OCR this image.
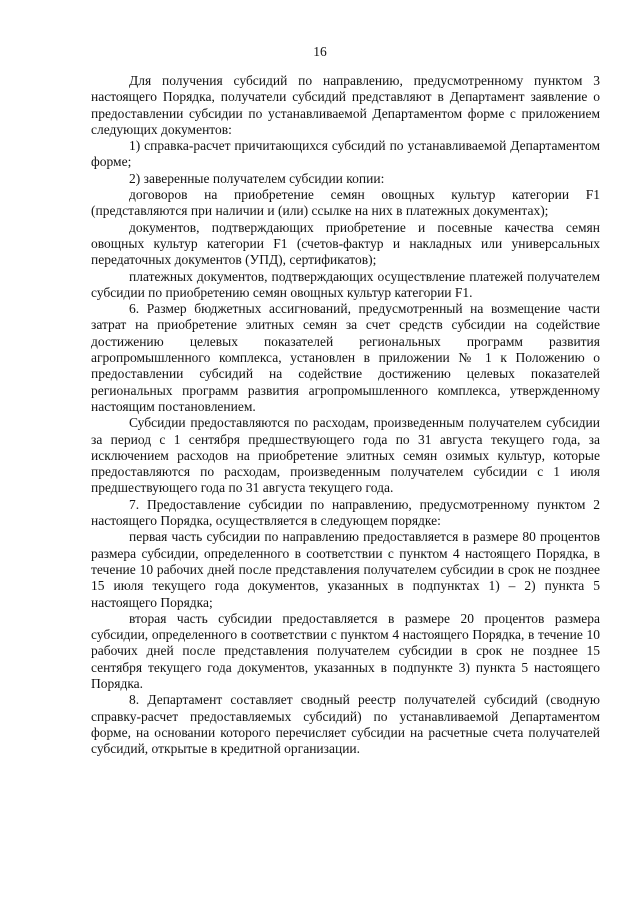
16

Для получения субсидий по направлению, предусмотренному пунктом 3 настоящего Порядка, получатели субсидий представляют в Департамент заявление о предоставлении субсидии по устанавливаемой Департаментом форме с приложением следующих документов:

1) справка-расчет причитающихся субсидий по устанавливаемой Департаментом форме;

2) заверенные получателем субсидии копии:

договоров на приобретение семян овощных культур категории F1 (представляются при наличии и (или) ссылке на них в платежных документах);

документов, подтверждающих приобретение и посевные качества семян овощных культур категории F1 (счетов-фактур и накладных или универсальных передаточных документов (УПД), сертификатов);

платежных документов, подтверждающих осуществление платежей получателем субсидии по приобретению семян овощных культур категории F1.

6. Размер бюджетных ассигнований, предусмотренный на возмещение части затрат на приобретение элитных семян за счет средств субсидии на содействие достижению целевых показателей региональных программ развития агропромышленного комплекса, установлен в приложении № 1 к Положению о предоставлении субсидий на содействие достижению целевых показателей региональных программ развития агропромышленного комплекса, утвержденному настоящим постановлением.

Субсидии предоставляются по расходам, произведенным получателем субсидии за период с 1 сентября предшествующего года по 31 августа текущего года, за исключением расходов на приобретение элитных семян озимых культур, которые предоставляются по расходам, произведенным получателем субсидии с 1 июля предшествующего года по 31 августа текущего года.

7. Предоставление субсидии по направлению, предусмотренному пунктом 2 настоящего Порядка, осуществляется в следующем порядке:

первая часть субсидии по направлению предоставляется в размере 80 процентов размера субсидии, определенного в соответствии с пунктом 4 настоящего Порядка, в течение 10 рабочих дней после представления получателем субсидии в срок не позднее 15 июля текущего года документов, указанных в подпунктах 1) – 2) пункта 5 настоящего Порядка;

вторая часть субсидии предоставляется в размере 20 процентов размера субсидии, определенного в соответствии с пунктом 4 настоящего Порядка, в течение 10 рабочих дней после представления получателем субсидии в срок не позднее 15 сентября текущего года документов, указанных в подпункте 3) пункта 5 настоящего Порядка.

8. Департамент составляет сводный реестр получателей субсидий (сводную справку-расчет предоставляемых субсидий) по устанавливаемой Департаментом форме, на основании которого перечисляет субсидии на расчетные счета получателей субсидий, открытые в кредитной организации.
